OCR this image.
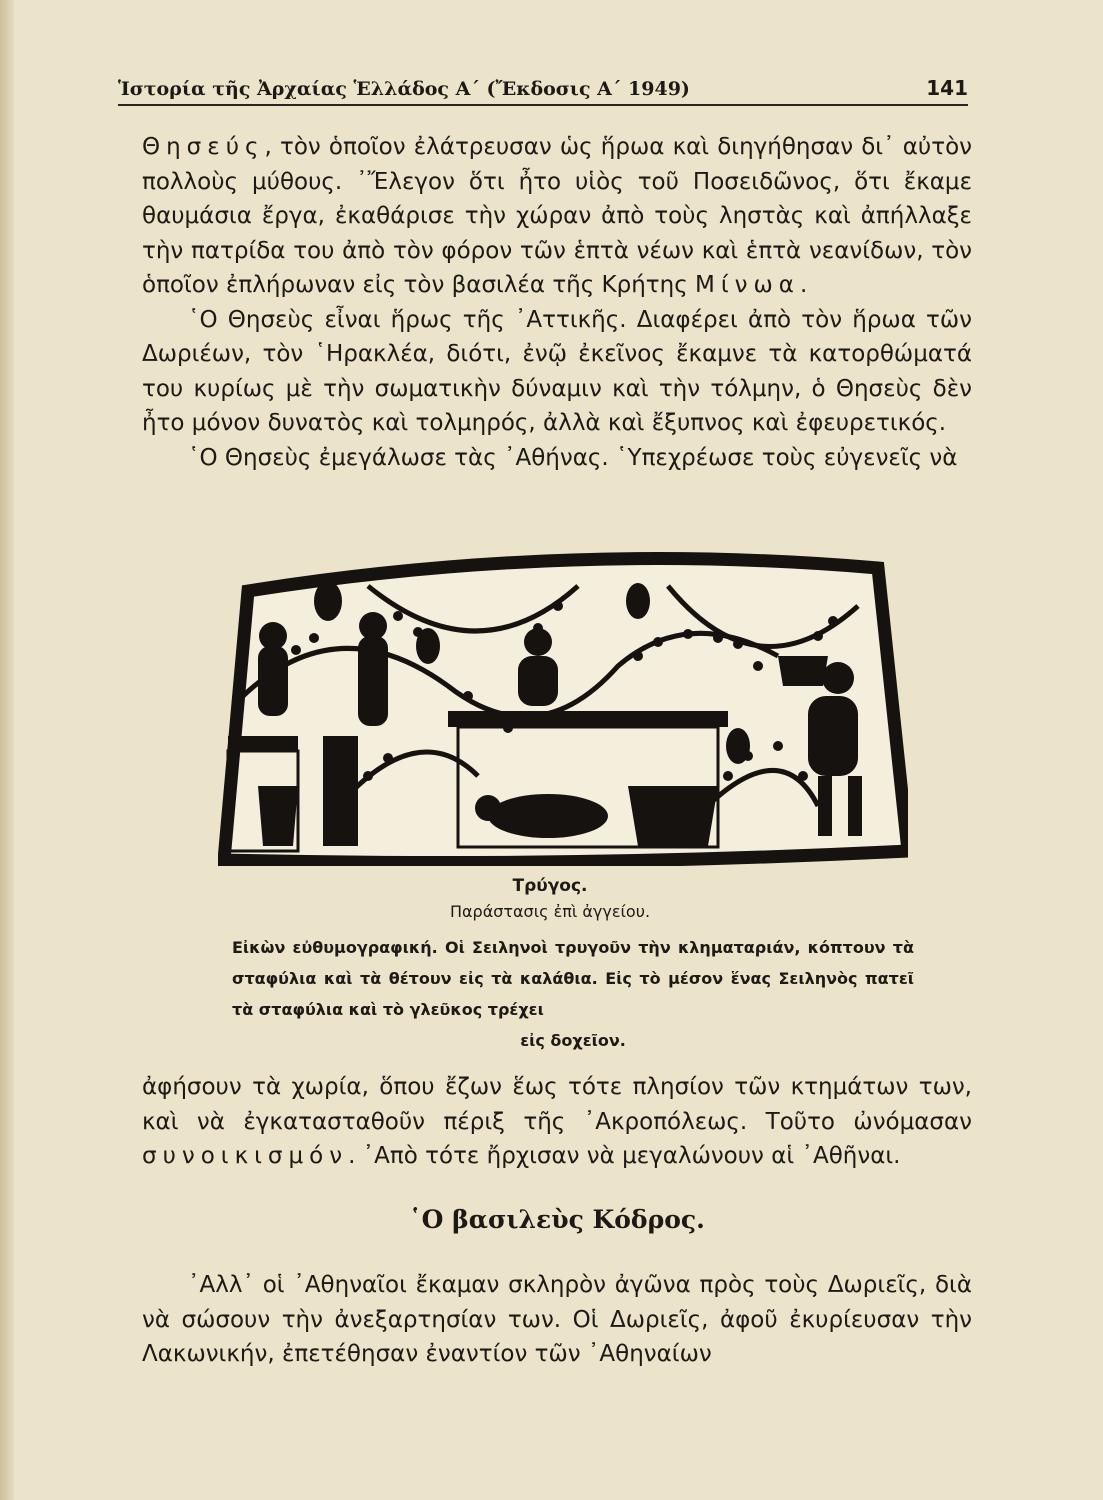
Ἱστορία τῆς Ἀρχαίας Ἑλλάδος Α΄ (Ἔκδοσις Α΄ 1949)	141

Θησεύς, τὸν ὁποῖον ἐλάτρευσαν ὡς ἥρωα καὶ διηγήθησαν δι᾽ αὐτὸν πολλοὺς μύθους. ᾽Ἔλεγον ὅτι ἦτο υἱὸς τοῦ Ποσειδῶνος, ὅτι ἔκαμε θαυμάσια ἔργα, ἐκαθάρισε τὴν χώραν ἀπὸ τοὺς ληστὰς καὶ ἀπήλλαξε τὴν πατρίδα του ἀπὸ τὸν φόρον τῶν ἑπτὰ νέων καὶ ἑπτὰ νεανίδων, τὸν ὁποῖον ἐπλήρωναν εἰς τὸν βασιλέα τῆς Κρήτης Μίνωα.

῾Ο Θησεὺς εἶναι ἥρως τῆς ᾽Αττικῆς. Διαφέρει ἀπὸ τὸν ἥρωα τῶν Δωριέων, τὸν ῾Ηρακλέα, διότι, ἐνῷ ἐκεῖνος ἔκαμνε τὰ κατορθώματά του κυρίως μὲ τὴν σωματικὴν δύναμιν καὶ τὴν τόλμην, ὁ Θησεὺς δὲν ἦτο μόνον δυνατὸς καὶ τολμηρός, ἀλλὰ καὶ ἔξυπνος καὶ ἐφευρετικός.

῾Ο Θησεὺς ἐμεγάλωσε τὰς ᾽Αθήνας. ῾Υπεχρέωσε τοὺς εὐγενεῖς νὰ

Τρύγος.
Παράστασις ἐπὶ ἀγγείου.
Εἰκὼν εὐθυμογραφική. Οἱ Σειληνοὶ τρυγοῦν τὴν κληματαριάν, κόπτουν τὰ σταφύλια καὶ τὰ θέτουν εἰς τὰ καλάθια. Εἰς τὸ μέσον ἕνας Σειληνὸς πατεῖ τὰ σταφύλια καὶ τὸ γλεῦκος τρέχει
εἰς δοχεῖον.

ἀφήσουν τὰ χωρία, ὅπου ἔζων ἕως τότε πλησίον τῶν κτημάτων των, καὶ νὰ ἐγκατασταθοῦν πέριξ τῆς ᾽Ακροπόλεως. Τοῦτο ὠνόμασαν συνοικισμόν. ᾽Απὸ τότε ἤρχισαν νὰ μεγαλώνουν αἱ ᾽Αθῆναι.

῾Ο βασιλεὺς Κόδρος.

᾽Αλλ᾽ οἱ ᾽Αθηναῖοι ἔκαμαν σκληρὸν ἀγῶνα πρὸς τοὺς Δωριεῖς, διὰ νὰ σώσουν τὴν ἀνεξαρτησίαν των. Οἱ Δωριεῖς, ἀφοῦ ἐκυρίευσαν τὴν Λακωνικήν, ἐπετέθησαν ἐναντίον τῶν ᾽Αθηναίων
